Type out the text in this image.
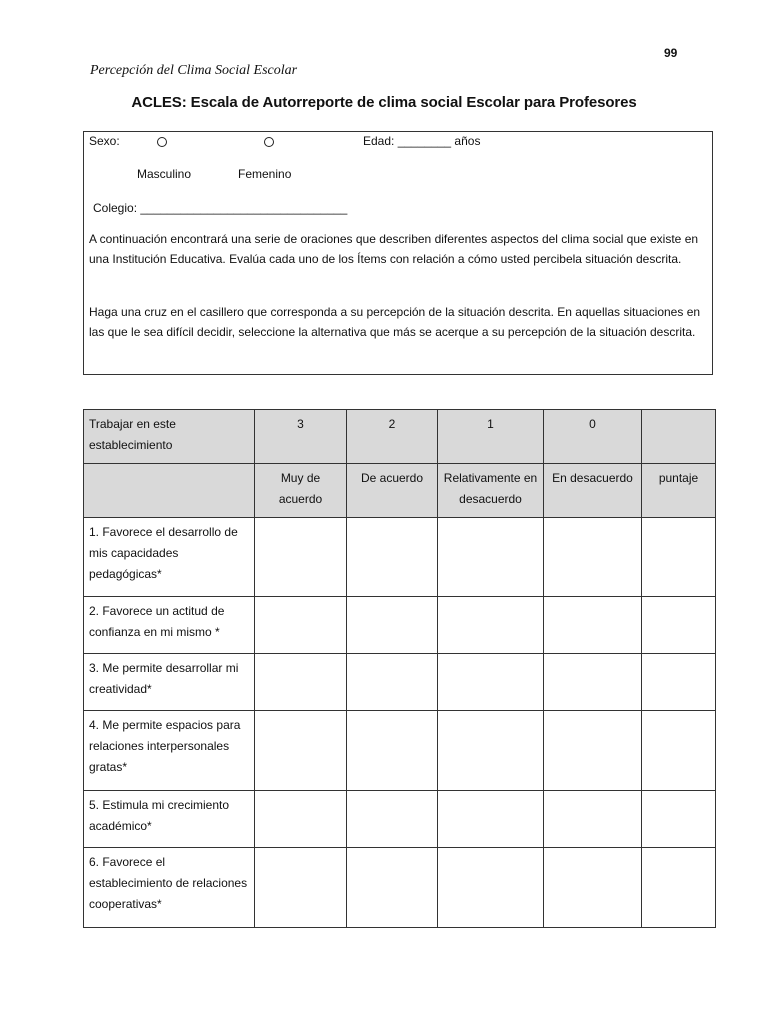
99
Percepción del Clima Social Escolar
ACLES: Escala de Autorreporte de clima social Escolar para Profesores
Sexo:	Edad: ________ años
Masculino	Femenino
Colegio: _______________________________
A continuación encontrará una serie de oraciones que describen diferentes aspectos del clima social que existe en una Institución Educativa. Evalúa cada uno de los Ítems con relación a cómo usted percibela situación descrita.
Haga una cruz en el casillero que corresponda a su percepción de la situación descrita. En aquellas situaciones en las que le sea difícil decidir, seleccione la alternativa que más se acerque a su percepción de la situación descrita.
Trabajar en este establecimiento	3	2	1	0	
	Muy de acuerdo	De acuerdo	Relativamente en desacuerdo	En desacuerdo	puntaje
1. Favorece el desarrollo de mis capacidades pedagógicas*					
2. Favorece un actitud de confianza en mi mismo *					
3. Me permite desarrollar mi creatividad*					
4. Me permite espacios para relaciones interpersonales gratas*					
5. Estimula mi crecimiento académico*					
6. Favorece el establecimiento de relaciones cooperativas*					
